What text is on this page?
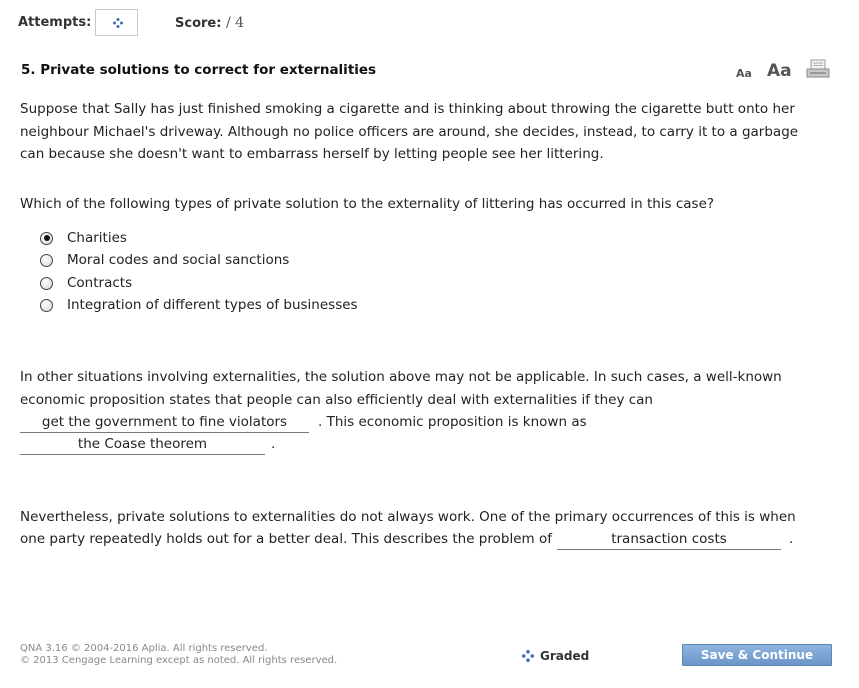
Attempts:	Score: / 4
5. Private solutions to correct for externalities	Aa Aa
Suppose that Sally has just finished smoking a cigarette and is thinking about throwing the cigarette butt onto her
neighbour Michael's driveway. Although no police officers are around, she decides, instead, to carry it to a garbage
can because she doesn't want to embarrass herself by letting people see her littering.
Which of the following types of private solution to the externality of littering has occurred in this case?
Charities
Moral codes and social sanctions
Contracts
Integration of different types of businesses
In other situations involving externalities, the solution above may not be applicable. In such cases, a well-known
economic proposition states that people can also efficiently deal with externalities if they can
get the government to fine violators	. This economic proposition is known as
the Coase theorem	.
Nevertheless, private solutions to externalities do not always work. One of the primary occurrences of this is when
one party repeatedly holds out for a better deal. This describes the problem of	transaction costs	.
QNA 3.16 © 2004-2016 Aplia. All rights reserved.
© 2013 Cengage Learning except as noted. All rights reserved.	Graded	Save & Continue
